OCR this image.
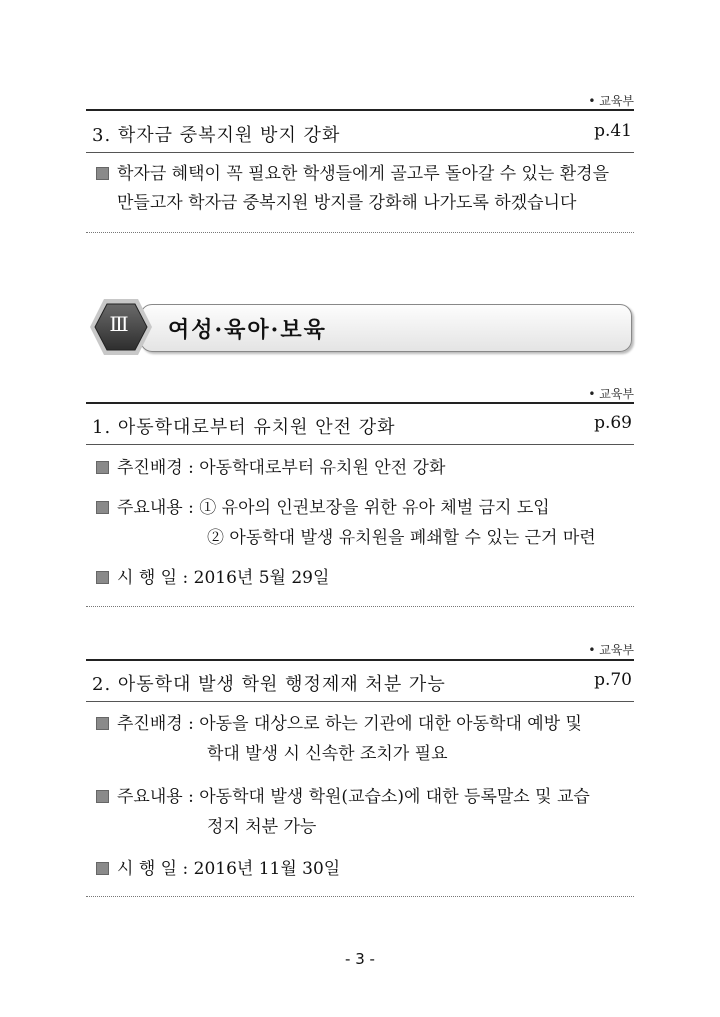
• 교육부
3. 학자금 중복지원 방지 강화	p.41
학자금 혜택이 꼭 필요한 학생들에게 골고루 돌아갈 수 있는 환경을
만들고자 학자금 중복지원 방지를 강화해 나가도록 하겠습니다
Ⅲ	여성·육아·보육
• 교육부
1. 아동학대로부터 유치원 안전 강화	p.69
추진배경 : 아동학대로부터 유치원 안전 강화
주요내용 : ① 유아의 인권보장을 위한 유아 체벌 금지 도입
② 아동학대 발생 유치원을 폐쇄할 수 있는 근거 마련
시 행 일 : 2016년 5월 29일
• 교육부
2. 아동학대 발생 학원 행정제재 처분 가능	p.70
추진배경 : 아동을 대상으로 하는 기관에 대한 아동학대 예방 및
학대 발생 시 신속한 조치가 필요
주요내용 : 아동학대 발생 학원(교습소)에 대한 등록말소 및 교습
정지 처분 가능
시 행 일 : 2016년 11월 30일
- 3 -
